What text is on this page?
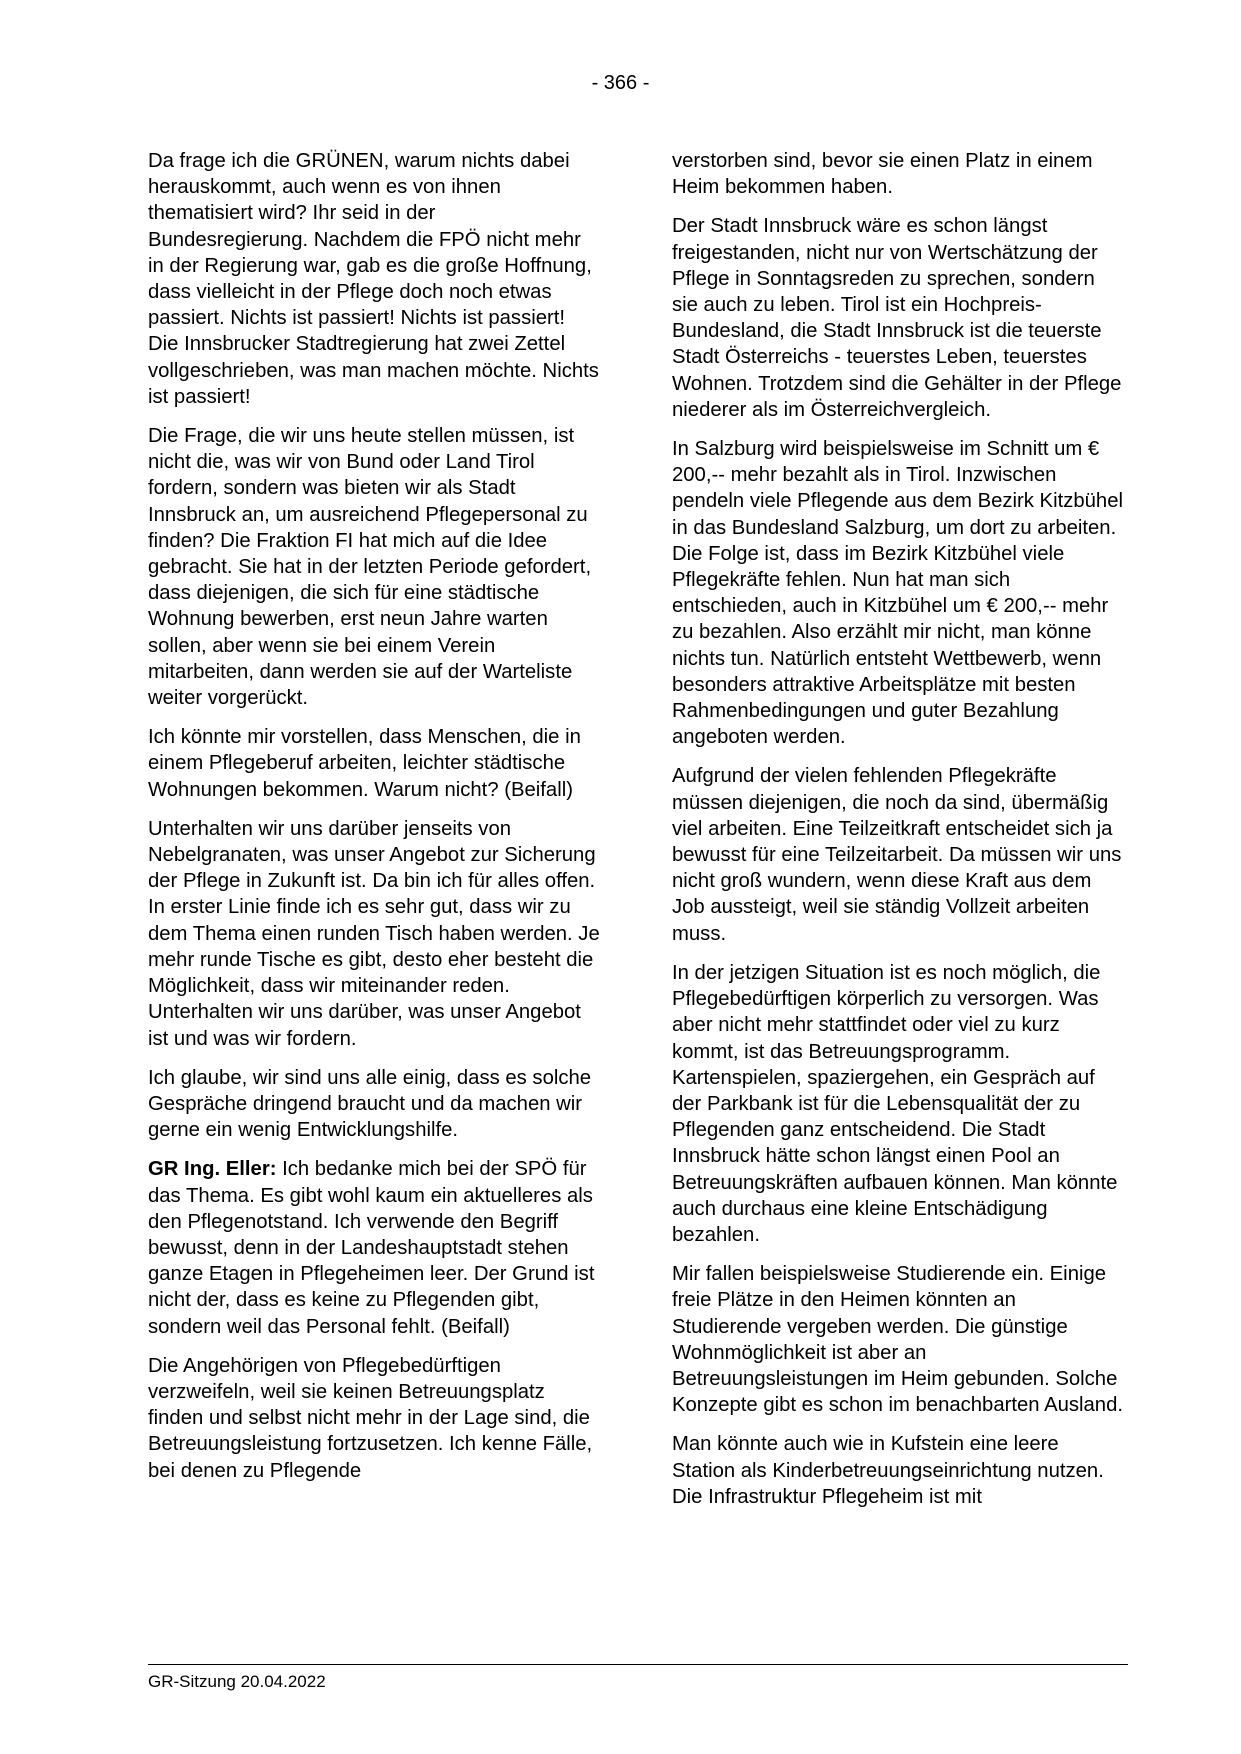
- 366 -

Da frage ich die GRÜNEN, warum nichts dabei herauskommt, auch wenn es von ihnen thematisiert wird? Ihr seid in der Bundesregierung. Nachdem die FPÖ nicht mehr in der Regierung war, gab es die große Hoffnung, dass vielleicht in der Pflege doch noch etwas passiert. Nichts ist passiert! Nichts ist passiert! Die Innsbrucker Stadtregierung hat zwei Zettel vollgeschrieben, was man machen möchte. Nichts ist passiert!

Die Frage, die wir uns heute stellen müssen, ist nicht die, was wir von Bund oder Land Tirol fordern, sondern was bieten wir als Stadt Innsbruck an, um ausreichend Pflegepersonal zu finden? Die Fraktion FI hat mich auf die Idee gebracht. Sie hat in der letzten Periode gefordert, dass diejenigen, die sich für eine städtische Wohnung bewerben, erst neun Jahre warten sollen, aber wenn sie bei einem Verein mitarbeiten, dann werden sie auf der Warteliste weiter vorgerückt.

Ich könnte mir vorstellen, dass Menschen, die in einem Pflegeberuf arbeiten, leichter städtische Wohnungen bekommen. Warum nicht? (Beifall)

Unterhalten wir uns darüber jenseits von Nebelgranaten, was unser Angebot zur Sicherung der Pflege in Zukunft ist. Da bin ich für alles offen. In erster Linie finde ich es sehr gut, dass wir zu dem Thema einen runden Tisch haben werden. Je mehr runde Tische es gibt, desto eher besteht die Möglichkeit, dass wir miteinander reden. Unterhalten wir uns darüber, was unser Angebot ist und was wir fordern.

Ich glaube, wir sind uns alle einig, dass es solche Gespräche dringend braucht und da machen wir gerne ein wenig Entwicklungshilfe.

GR Ing. Eller: Ich bedanke mich bei der SPÖ für das Thema. Es gibt wohl kaum ein aktuelleres als den Pflegenotstand. Ich verwende den Begriff bewusst, denn in der Landeshauptstadt stehen ganze Etagen in Pflegeheimen leer. Der Grund ist nicht der, dass es keine zu Pflegenden gibt, sondern weil das Personal fehlt. (Beifall)

Die Angehörigen von Pflegebedürftigen verzweifeln, weil sie keinen Betreuungsplatz finden und selbst nicht mehr in der Lage sind, die Betreuungsleistung fortzusetzen. Ich kenne Fälle, bei denen zu Pflegende

verstorben sind, bevor sie einen Platz in einem Heim bekommen haben.

Der Stadt Innsbruck wäre es schon längst freigestanden, nicht nur von Wertschätzung der Pflege in Sonntagsreden zu sprechen, sondern sie auch zu leben. Tirol ist ein Hochpreis-Bundesland, die Stadt Innsbruck ist die teuerste Stadt Österreichs - teuerstes Leben, teuerstes Wohnen. Trotzdem sind die Gehälter in der Pflege niederer als im Österreichvergleich.

In Salzburg wird beispielsweise im Schnitt um € 200,-- mehr bezahlt als in Tirol. Inzwischen pendeln viele Pflegende aus dem Bezirk Kitzbühel in das Bundesland Salzburg, um dort zu arbeiten. Die Folge ist, dass im Bezirk Kitzbühel viele Pflegekräfte fehlen. Nun hat man sich entschieden, auch in Kitzbühel um € 200,-- mehr zu bezahlen. Also erzählt mir nicht, man könne nichts tun. Natürlich entsteht Wettbewerb, wenn besonders attraktive Arbeitsplätze mit besten Rahmenbedingungen und guter Bezahlung angeboten werden.

Aufgrund der vielen fehlenden Pflegekräfte müssen diejenigen, die noch da sind, übermäßig viel arbeiten. Eine Teilzeitkraft entscheidet sich ja bewusst für eine Teilzeitarbeit. Da müssen wir uns nicht groß wundern, wenn diese Kraft aus dem Job aussteigt, weil sie ständig Vollzeit arbeiten muss.

In der jetzigen Situation ist es noch möglich, die Pflegebedürftigen körperlich zu versorgen. Was aber nicht mehr stattfindet oder viel zu kurz kommt, ist das Betreuungsprogramm. Kartenspielen, spaziergehen, ein Gespräch auf der Parkbank ist für die Lebensqualität der zu Pflegenden ganz entscheidend. Die Stadt Innsbruck hätte schon längst einen Pool an Betreuungskräften aufbauen können. Man könnte auch durchaus eine kleine Entschädigung bezahlen.

Mir fallen beispielsweise Studierende ein. Einige freie Plätze in den Heimen könnten an Studierende vergeben werden. Die günstige Wohnmöglichkeit ist aber an Betreuungsleistungen im Heim gebunden. Solche Konzepte gibt es schon im benachbarten Ausland.

Man könnte auch wie in Kufstein eine leere Station als Kinderbetreuungseinrichtung nutzen. Die Infrastruktur Pflegeheim ist mit

GR-Sitzung 20.04.2022
